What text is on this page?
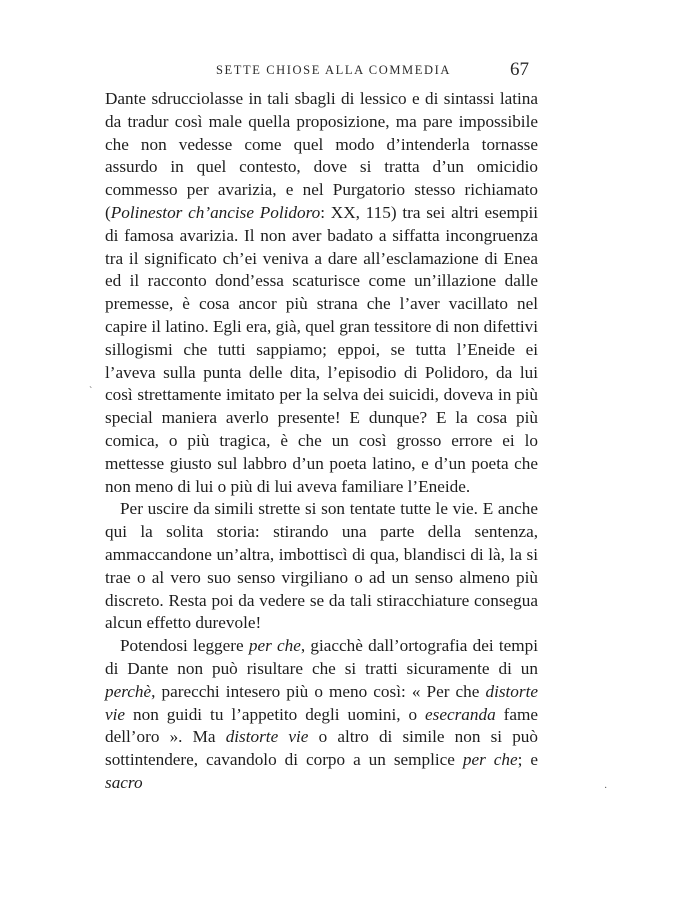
SETTE CHIOSE ALLA COMMEDIA	67

Dante sdrucciolasse in tali sbagli di lessico e di sintassi latina da tradur così male quella proposizione, ma pare impossibile che non vedesse come quel modo d’intenderla tornasse assurdo in quel contesto, dove si tratta d’un omicidio commesso per avarizia, e nel Purgatorio stesso richiamato (Polinestor ch’ancise Polidoro: XX, 115) tra sei altri esempii di famosa avarizia. Il non aver badato a siffatta incongruenza tra il significato ch’ei veniva a dare all’esclamazione di Enea ed il racconto dond’essa scaturisce come un’illazione dalle premesse, è cosa ancor più strana che l’aver vacillato nel capire il latino. Egli era, già, quel gran tessitore di non difettivi sillogismi che tutti sappiamo; eppoi, se tutta l’Eneide ei l’aveva sulla punta delle dita, l’episodio di Polidoro, da lui così strettamente imitato per la selva dei suicidi, doveva in più special maniera averlo presente! E dunque? E la cosa più comica, o più tragica, è che un così grosso errore ei lo mettesse giusto sul labbro d’un poeta latino, e d’un poeta che non meno di lui o più di lui aveva familiare l’Eneide.

Per uscire da simili strette si son tentate tutte le vie. E anche qui la solita storia: stirando una parte della sentenza, ammaccandone un’altra, imbottiscì di qua, blandisci di là, la si trae o al vero suo senso virgiliano o ad un senso almeno più discreto. Resta poi da vedere se da tali stiracchiature consegua alcun effetto durevole!

Potendosi leggere per che, giacchè dall’ortografia dei tempi di Dante non può risultare che si tratti sicuramente di un perchè, parecchi intesero più o meno così: « Per che distorte vie non guidi tu l’appetito degli uomini, o esecranda fame dell’oro ». Ma distorte vie o altro di simile non si può sottintendere, cavandolo di corpo a un semplice per che; e sacro

`
·
